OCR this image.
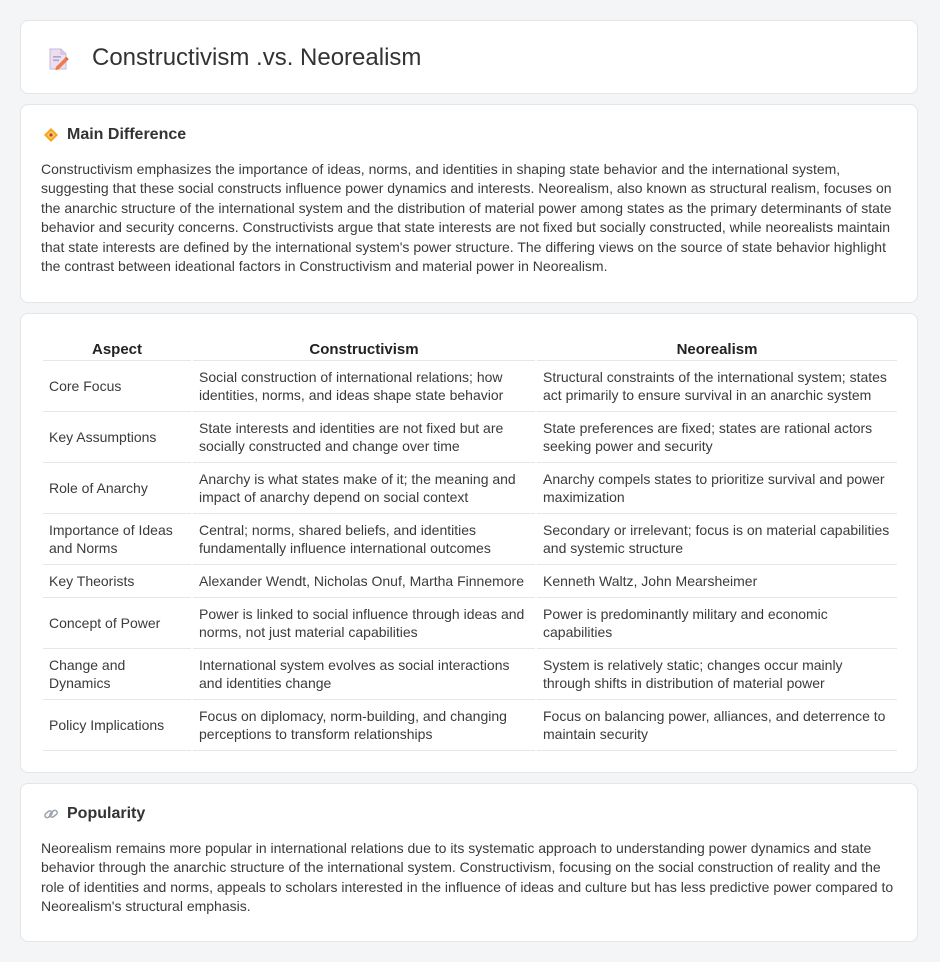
Constructivism .vs. Neorealism
Main Difference

Constructivism emphasizes the importance of ideas, norms, and identities in shaping state behavior and the international system, suggesting that these social constructs influence power dynamics and interests. Neorealism, also known as structural realism, focuses on the anarchic structure of the international system and the distribution of material power among states as the primary determinants of state behavior and security concerns. Constructivists argue that state interests are not fixed but socially constructed, while neorealists maintain that state interests are defined by the international system's power structure. The differing views on the source of state behavior highlight the contrast between ideational factors in Constructivism and material power in Neorealism.

Aspect	Constructivism	Neorealism
Core Focus	Social construction of international relations; how identities, norms, and ideas shape state behavior	Structural constraints of the international system; states act primarily to ensure survival in an anarchic system
Key Assumptions	State interests and identities are not fixed but are socially constructed and change over time	State preferences are fixed; states are rational actors seeking power and security
Role of Anarchy	Anarchy is what states make of it; the meaning and impact of anarchy depend on social context	Anarchy compels states to prioritize survival and power maximization
Importance of Ideas and Norms	Central; norms, shared beliefs, and identities fundamentally influence international outcomes	Secondary or irrelevant; focus is on material capabilities and systemic structure
Key Theorists	Alexander Wendt, Nicholas Onuf, Martha Finnemore	Kenneth Waltz, John Mearsheimer
Concept of Power	Power is linked to social influence through ideas and norms, not just material capabilities	Power is predominantly military and economic capabilities
Change and Dynamics	International system evolves as social interactions and identities change	System is relatively static; changes occur mainly through shifts in distribution of material power
Policy Implications	Focus on diplomacy, norm-building, and changing perceptions to transform relationships	Focus on balancing power, alliances, and deterrence to maintain security
Popularity

Neorealism remains more popular in international relations due to its systematic approach to understanding power dynamics and state behavior through the anarchic structure of the international system. Constructivism, focusing on the social construction of reality and the role of identities and norms, appeals to scholars interested in the influence of ideas and culture but has less predictive power compared to Neorealism's structural emphasis.
